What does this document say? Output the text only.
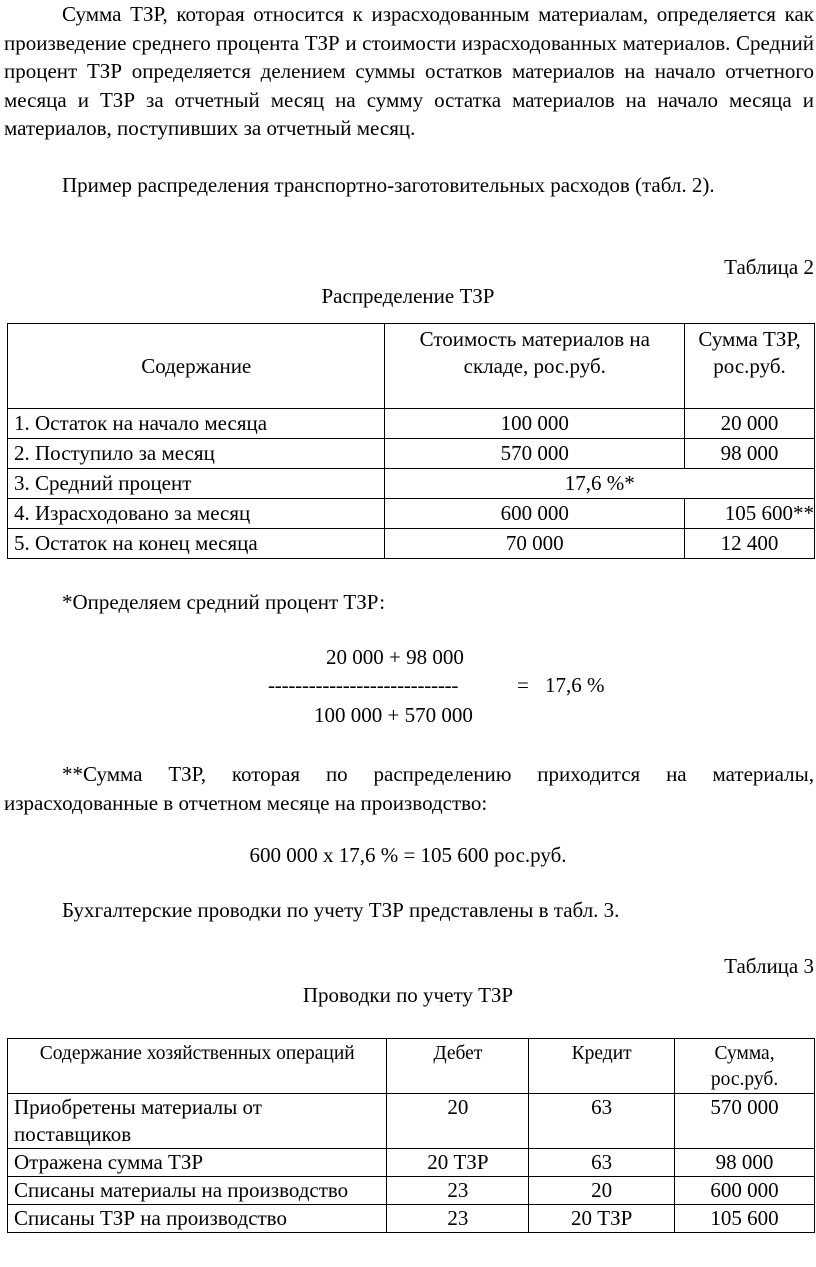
Сумма ТЗР, которая относится к израсходованным материалам, определяется как произведение среднего процента ТЗР и стоимости израсходованных материалов. Средний процент ТЗР определяется делением суммы остатков материалов на начало отчетного месяца и ТЗР за отчетный месяц на сумму остатка материалов на начало месяца и материалов, поступивших за отчетный месяц.

Пример распределения транспортно-заготовительных расходов (табл. 2).

Таблица 2
Распределение ТЗР
Содержание	Стоимость материалов на складе, рос.руб.	Сумма ТЗР, рос.руб.
1. Остаток на начало месяца	100 000	20 000
2. Поступило за месяц	570 000	98 000
3. Средний процент	17,6 %*	
4. Израсходовано за месяц	600 000	105 600**
5. Остаток на конец месяца	70 000	12 400
*Определяем средний процент ТЗР:
20 000 + 98 000
----------------------------	= 17,6 %
100 000 + 570 000

**Сумма ТЗР, которая по распределению приходится на материалы, израсходованные в отчетном месяце на производство:

600 000 х 17,6 % = 105 600 рос.руб.
Бухгалтерские проводки по учету ТЗР представлены в табл. 3.
Таблица 3
Проводки по учету ТЗР
Содержание хозяйственных операций	Дебет	Кредит	Сумма, рос.руб.
Приобретены материалы от поставщиков	20	63	570 000
Отражена сумма ТЗР	20 ТЗР	63	98 000
Списаны материалы на производство	23	20	600 000
Списаны ТЗР на производство	23	20 ТЗР	105 600
